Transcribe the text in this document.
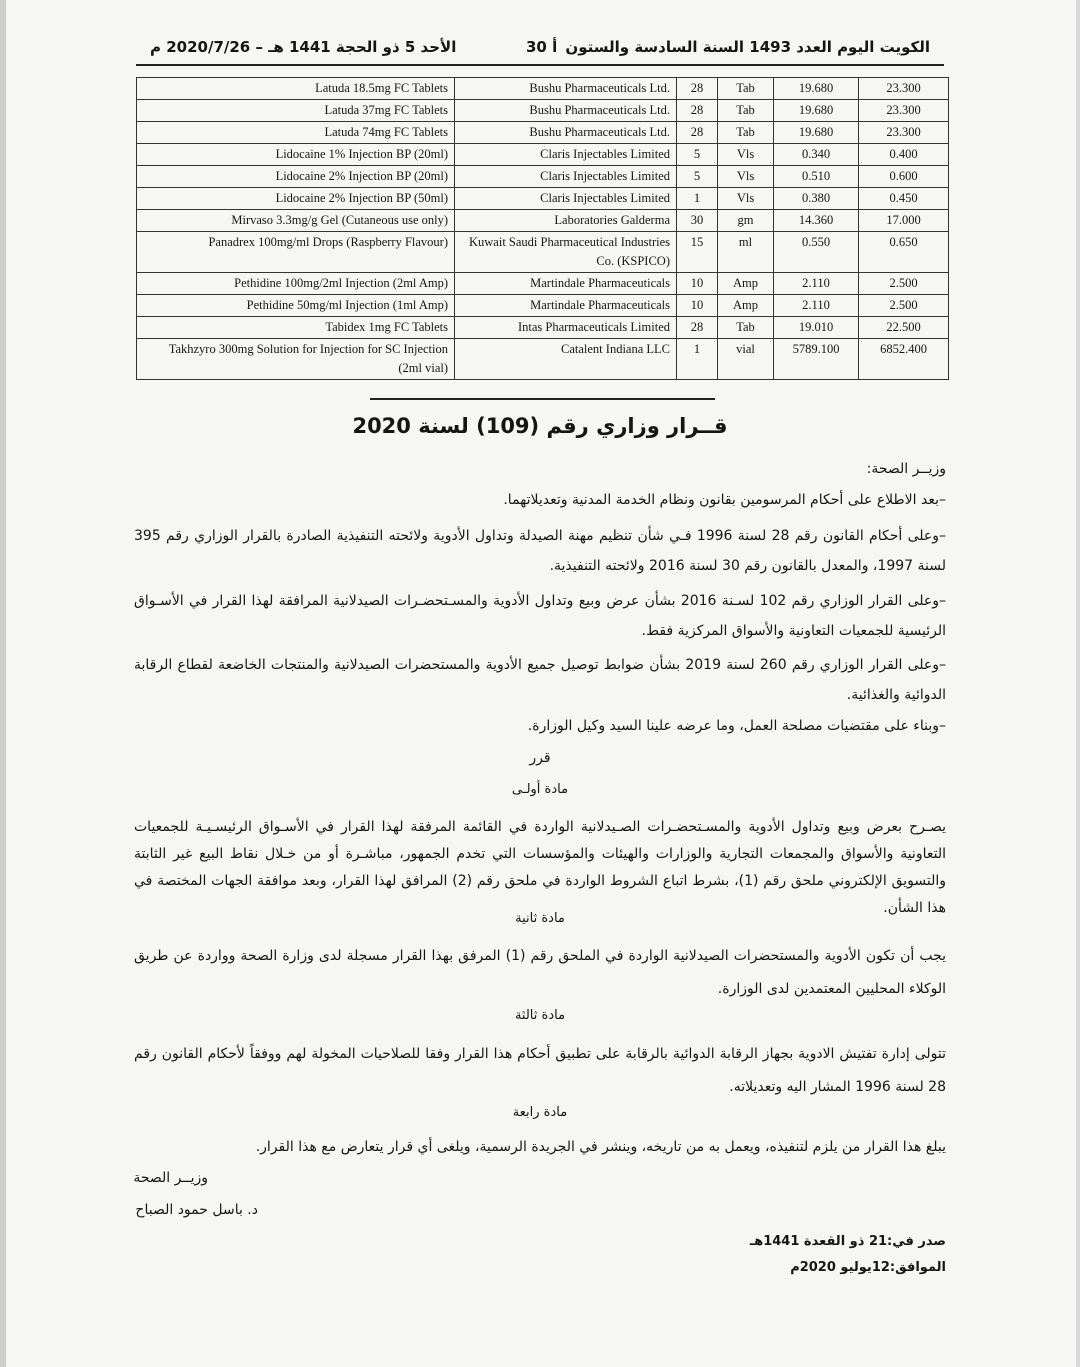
الأحد 5 ذو الحجة 1441 هـ – 2020/7/26 م	أ 30 الكويت اليوم العدد 1493 السنة السادسة والستون
Latuda 18.5mg FC Tablets	Bushu Pharmaceuticals Ltd.	28	Tab	19.680	23.300
Latuda 37mg FC Tablets	Bushu Pharmaceuticals Ltd.	28	Tab	19.680	23.300
Latuda 74mg FC Tablets	Bushu Pharmaceuticals Ltd.	28	Tab	19.680	23.300
Lidocaine 1% Injection BP (20ml)	Claris Injectables Limited	5	Vls	0.340	0.400
Lidocaine 2% Injection BP (20ml)	Claris Injectables Limited	5	Vls	0.510	0.600
Lidocaine 2% Injection BP (50ml)	Claris Injectables Limited	1	Vls	0.380	0.450
Mirvaso 3.3mg/g Gel (Cutaneous use only)	Laboratories Galderma	30	gm	14.360	17.000
Panadrex 100mg/ml Drops (Raspberry Flavour)	Kuwait Saudi Pharmaceutical Industries Co. (KSPICO)	15	ml	0.550	0.650
Pethidine 100mg/2ml Injection (2ml Amp)	Martindale Pharmaceuticals	10	Amp	2.110	2.500
Pethidine 50mg/ml Injection (1ml Amp)	Martindale Pharmaceuticals	10	Amp	2.110	2.500
Tabidex 1mg FC Tablets	Intas Pharmaceuticals Limited	28	Tab	19.010	22.500
Takhzyro 300mg Solution for Injection for SC Injection (2ml vial)	Catalent Indiana LLC	1	vial	5789.100	6852.400
قــرار وزاري رقم (109) لسنة 2020
وزيــر الصحة:
–بعد الاطلاع على أحكام المرسومين بقانون ونظام الخدمة المدنية وتعديلاتهما.
–وعلى أحكام القانون رقم 28 لسنة 1996 فـي شأن تنظيم مهنة الصيدلة وتداول الأدوية ولائحته التنفيذية الصادرة بالقرار الوزاري رقم 395 لسنة 1997، والمعدل بالقانون رقم 30 لسنة 2016 ولائحته التنفيذية.
–وعلى القرار الوزاري رقم 102 لسـنة 2016 بشأن عرض وبيع وتداول الأدوية والمسـتحضـرات الصيدلانية المرافقة لهذا القرار في الأسـواق الرئيسية للجمعيات التعاونية والأسواق المركزية فقط.
–وعلى القرار الوزاري رقم 260 لسنة 2019 بشأن ضوابط توصيل جميع الأدوية والمستحضرات الصيدلانية والمنتجات الخاضعة لقطاع الرقابة الدوائية والغذائية.
–وبناء على مقتضيات مصلحة العمل، وما عرضه علينا السيد وكيل الوزارة.
قرر
مادة أولـى
يصـرح بعرض وبيع وتداول الأدوية والمسـتحضـرات الصـيدلانية الواردة في القائمة المرفقة لهذا القرار في الأسـواق الرئيسـيـة للجمعيات التعاونية والأسواق والمجمعات التجارية والوزارات والهيئات والمؤسسات التي تخدم الجمهور، مباشـرة أو من خـلال نقاط البيع غير الثابتة والتسويق الإلكتروني ملحق رقم (1)، بشرط اتباع الشروط الواردة في ملحق رقم (2) المرافق لهذا القرار، وبعد موافقة الجهات المختصة في هذا الشأن.
مادة ثانية
يجب أن تكون الأدوية والمستحضرات الصيدلانية الواردة في الملحق رقم (1) المرفق بهذا القرار مسجلة لدى وزارة الصحة وواردة عن طريق الوكلاء المحليين المعتمدين لدى الوزارة.
مادة ثالثة
تتولى إدارة تفتيش الادوية بجهاز الرقابة الدوائية بالرقابة على تطبيق أحكام هذا القرار وفقا للصلاحيات المخولة لهم ووفقاً لأحكام القانون رقم 28 لسنة 1996 المشار اليه وتعديلاته.
مادة رابعة
يبلغ هذا القرار من يلزم لتنفيذه، ويعمل به من تاريخه، وينشر في الجريدة الرسمية، ويلغى أي قرار يتعارض مع هذا القرار.
وزيــر الصحة
د. باسل حمود الصباح
صدر في:21 ذو القعدة 1441هـ
الموافق:12يوليو 2020م
